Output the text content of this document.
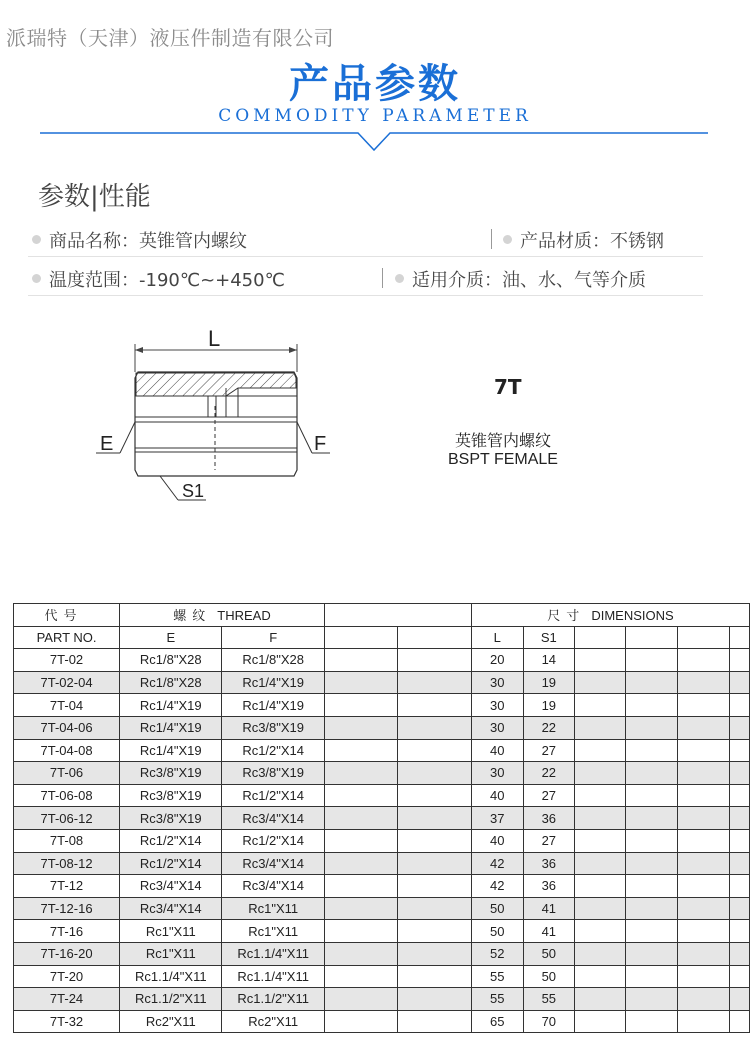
派瑞特（天津）液压件制造有限公司
产品参数
COMMODITY PARAMETER
参数|性能
商品名称：英锥管内螺纹	产品材质：不锈钢
温度范围：-190℃~+450℃	适用介质：油、水、气等介质
L
E	F
S1
7T
英锥管内螺纹
BSPT FEMALE
代号	螺纹 THREAD				尺寸 DIMENSIONS					
PART NO.	E	F			L	S1				
7T-02	Rc1/8"X28	Rc1/8"X28			20	14				
7T-02-04	Rc1/8"X28	Rc1/4"X19			30	19				
7T-04	Rc1/4"X19	Rc1/4"X19			30	19				
7T-04-06	Rc1/4"X19	Rc3/8"X19			30	22				
7T-04-08	Rc1/4"X19	Rc1/2"X14			40	27				
7T-06	Rc3/8"X19	Rc3/8"X19			30	22				
7T-06-08	Rc3/8"X19	Rc1/2"X14			40	27				
7T-06-12	Rc3/8"X19	Rc3/4"X14			37	36				
7T-08	Rc1/2"X14	Rc1/2"X14			40	27				
7T-08-12	Rc1/2"X14	Rc3/4"X14			42	36				
7T-12	Rc3/4"X14	Rc3/4"X14			42	36				
7T-12-16	Rc3/4"X14	Rc1"X11			50	41				
7T-16	Rc1"X11	Rc1"X11			50	41				
7T-16-20	Rc1"X11	Rc1.1/4"X11			52	50				
7T-20	Rc1.1/4"X11	Rc1.1/4"X11			55	50				
7T-24	Rc1.1/2"X11	Rc1.1/2"X11			55	55				
7T-32	Rc2"X11	Rc2"X11			65	70				
